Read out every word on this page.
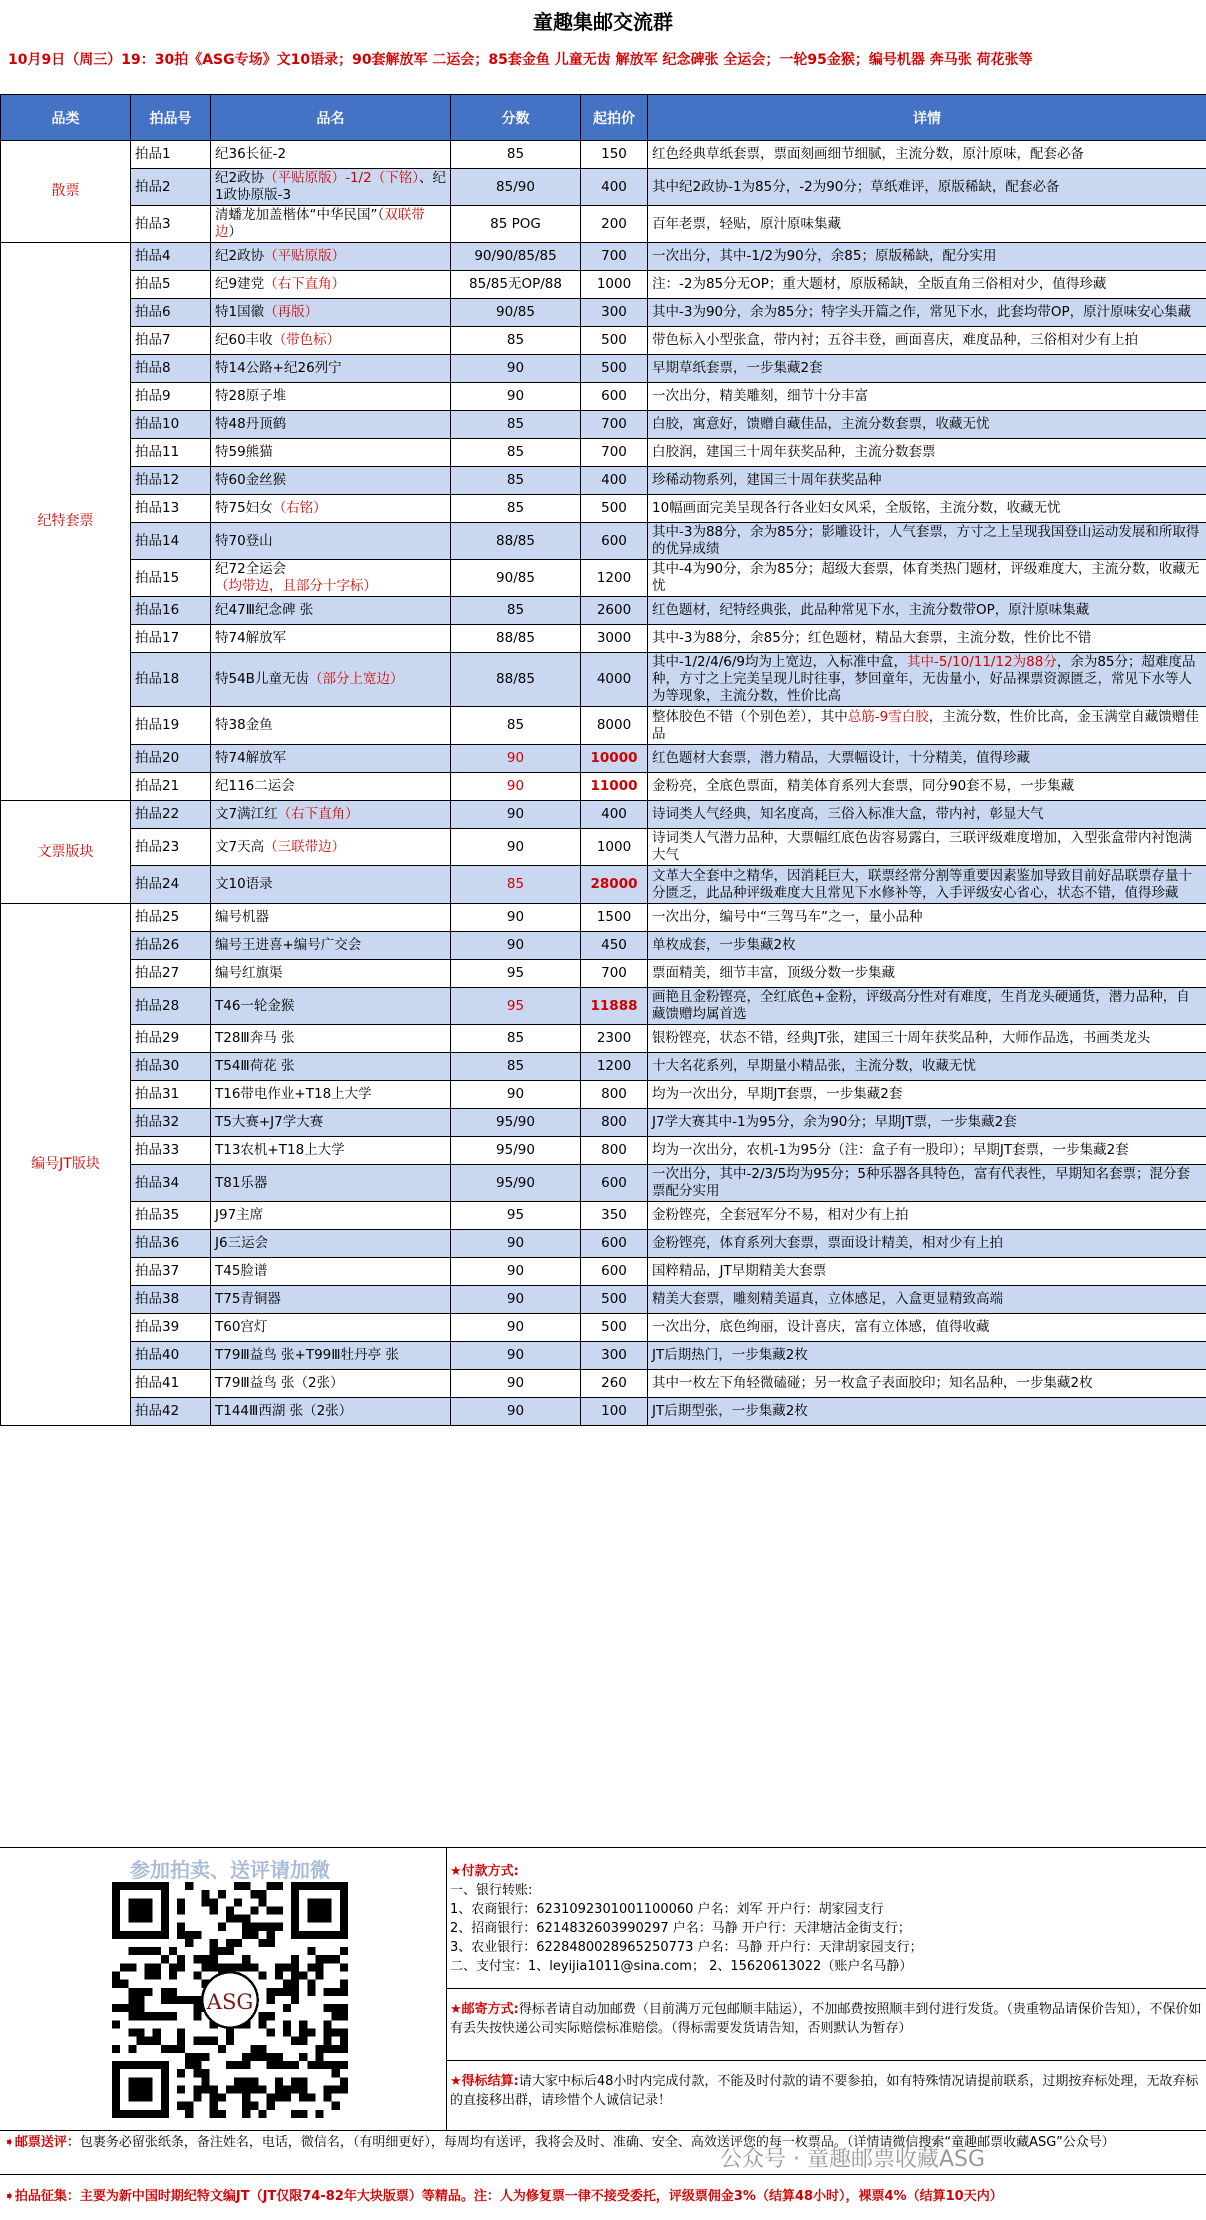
童趣集邮交流群
10月9日（周三）19：30拍《ASG专场》文10语录；90套解放军 二运会；85套金鱼 儿童无齿 解放军 纪念碑张 全运会；一轮95金猴；编号机器 奔马张 荷花张等
品类	拍品号	品名	分数	起拍价	详情
散票	拍品1	纪36长征-2	85	150	红色经典草纸套票，票面刻画细节细腻，主流分数，原汁原味，配套必备
	拍品2	纪2政协（平贴原版）-1/2（下铭）、纪1政协原版-3	85/90	400	其中纪2政协-1为85分，-2为90分；草纸难评，原版稀缺，配套必备
	拍品3	清蟠龙加盖楷体“中华民国”（双联带边）	85 POG	200	百年老票，轻贴，原汁原味集藏
纪特套票	拍品4	纪2政协（平贴原版）	90/90/85/85	700	一次出分，其中-1/2为90分，余85；原版稀缺，配分实用
	拍品5	纪9建党（右下直角）	85/85无OP/88	1000	注：-2为85分无OP；重大题材，原版稀缺，全版直角三俗相对少，值得珍藏
	拍品6	特1国徽（再版）	90/85	300	其中-3为90分，余为85分；特字头开篇之作，常见下水，此套均带OP，原汁原味安心集藏
	拍品7	纪60丰收（带色标）	85	500	带色标入小型张盒，带内衬；五谷丰登，画面喜庆，难度品种，三俗相对少有上拍
	拍品8	特14公路+纪26列宁	90	500	早期草纸套票，一步集藏2套
	拍品9	特28原子堆	90	600	一次出分，精美雕刻，细节十分丰富
	拍品10	特48丹顶鹤	85	700	白胶，寓意好，馈赠自藏佳品，主流分数套票，收藏无忧
	拍品11	特59熊猫	85	700	白胶润，建国三十周年获奖品种，主流分数套票
	拍品12	特60金丝猴	85	400	珍稀动物系列，建国三十周年获奖品种
	拍品13	特75妇女（右铭）	85	500	10幅画面完美呈现各行各业妇女风采，全版铭，主流分数，收藏无忧
	拍品14	特70登山	88/85	600	其中-3为88分，余为85分；影雕设计，人气套票，方寸之上呈现我国登山运动发展和所取得的优异成绩
	拍品15	纪72全运会（均带边，且部分十字标）	90/85	1200	其中-4为90分，余为85分；超级大套票，体育类热门题材，评级难度大，主流分数，收藏无忧
	拍品16	纪47Ⅲ纪念碑 张	85	2600	红色题材，纪特经典张，此品种常见下水，主流分数带OP，原汁原味集藏
	拍品17	特74解放军	88/85	3000	其中-3为88分，余85分；红色题材，精品大套票，主流分数，性价比不错
	拍品18	特54B儿童无齿（部分上宽边）	88/85	4000	其中-1/2/4/6/9均为上宽边，入标准中盒，其中-5/10/11/12为88分，余为85分；超难度品种，方寸之上完美呈现儿时往事，梦回童年，无齿量小，好品裸票资源匮乏，常见下水等人为等现象，主流分数，性价比高
	拍品19	特38金鱼	85	8000	整体胶色不错（个别色差），其中总筋-9雪白胶，主流分数，性价比高，金玉满堂自藏馈赠佳品
	拍品20	特74解放军	90	10000	红色题材大套票，潜力精品，大票幅设计，十分精美，值得珍藏
	拍品21	纪116二运会	90	11000	金粉亮，全底色票面，精美体育系列大套票，同分90套不易，一步集藏
文票版块	拍品22	文7满江红（右下直角）	90	400	诗词类人气经典，知名度高，三俗入标准大盒，带内衬，彰显大气
	拍品23	文7天高（三联带边）	90	1000	诗词类人气潜力品种，大票幅红底色齿容易露白，三联评级难度增加，入型张盒带内衬饱满大气
	拍品24	文10语录	85	28000	文革大全套中之精华，因消耗巨大，联票经常分割等重要因素鉴加导致目前好品联票存量十分匮乏，此品种评级难度大且常见下水修补等，入手评级安心省心，状态不错，值得珍藏
编号JT版块	拍品25	编号机器	90	1500	一次出分，编号中“三驾马车”之一，量小品种
	拍品26	编号王进喜+编号广交会	90	450	单枚成套，一步集藏2枚
	拍品27	编号红旗渠	95	700	票面精美，细节丰富，顶级分数一步集藏
	拍品28	T46一轮金猴	95	11888	画艳且金粉铿亮，全红底色+金粉，评级高分性对有难度，生肖龙头硬通货，潜力品种，自藏馈赠均属首选
	拍品29	T28Ⅲ奔马 张	85	2300	银粉铿亮，状态不错，经典JT张，建国三十周年获奖品种，大师作品选，书画类龙头
	拍品30	T54Ⅲ荷花 张	85	1200	十大名花系列，早期量小精品张，主流分数，收藏无忧
	拍品31	T16带电作业+T18上大学	90	800	均为一次出分，早期JT套票，一步集藏2套
	拍品32	T5大赛+J7学大赛	95/90	800	J7学大赛其中-1为95分，余为90分；早期JT票，一步集藏2套
	拍品33	T13农机+T18上大学	95/90	800	均为一次出分，农机-1为95分（注：盒子有一股印）；早期JT套票，一步集藏2套
	拍品34	T81乐器	95/90	600	一次出分，其中-2/3/5均为95分；5种乐器各具特色，富有代表性，早期知名套票；混分套票配分实用
	拍品35	J97主席	95	350	金粉铿亮，全套冠军分不易，相对少有上拍
	拍品36	J6三运会	90	600	金粉铿亮，体育系列大套票，票面设计精美，相对少有上拍
	拍品37	T45脸谱	90	600	国粹精品，JT早期精美大套票
	拍品38	T75青铜器	90	500	精美大套票，雕刻精美逼真，立体感足，入盒更显精致高端
	拍品39	T60宫灯	90	500	一次出分，底色绚丽，设计喜庆，富有立体感，值得收藏
	拍品40	T79Ⅲ益鸟 张+T99Ⅲ牡丹亭 张	90	300	JT后期热门，一步集藏2枚
	拍品41	T79Ⅲ益鸟 张（2张）	90	260	其中一枚左下角轻微磕碰；另一枚盒子表面胶印；知名品种，一步集藏2枚
	拍品42	T144Ⅲ西湖 张（2张）	90	100	JT后期型张，一步集藏2枚
参加拍卖、送评请加微
ASG
★付款方式:
一、银行转账:
1、农商银行：6231092301001100060 户名：刘军 开户行：胡家园支行
2、招商银行：6214832603990297 户名：马静 开户行：天津塘沽金街支行；
3、农业银行：6228480028965250773 户名：马静 开户行：天津胡家园支行；
二、支付宝：1、leyijia1011@sina.com； 2、15620613022（账户名马静）
★邮寄方式:得标者请自动加邮费（目前满万元包邮顺丰陆运），不加邮费按照顺丰到付进行发货。（贵重物品请保价告知），不保价如有丢失按快递公司实际赔偿标准赔偿。（得标需要发货请告知，否则默认为暂存）
★得标结算:请大家中标后48小时内完成付款，不能及时付款的请不要参拍，如有特殊情况请提前联系，过期按弃标处理，无故弃标的直接移出群，请珍惜个人诚信记录！
➧邮票送评：包裹务必留张纸条，备注姓名，电话，微信名，（有明细更好），每周均有送评，我将会及时、准确、安全、高效送评您的每一枚票品。（详情请微信搜索“童趣邮票收藏ASG”公众号）
➧拍品征集：主要为新中国时期纪特文编JT（JT仅限74-82年大块版票）等精品。注：人为修复票一律不接受委托，评级票佣金3%（结算48小时），裸票4%（结算10天内）
公众号 · 童趣邮票收藏ASG
